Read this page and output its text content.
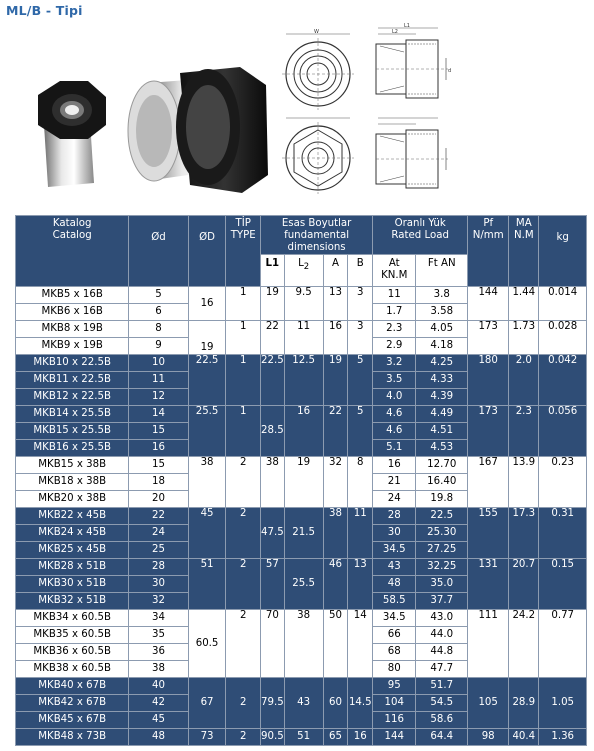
ML/B - Tipi
W
L1
L2
d
Katalog
Catalog	Ød	ØD	TİP
TYPE	Esas Boyutlar
fundamental
dimensions				Oranlı Yük
Rated Load		Pf
N/mm	MA
N.M	kg
				L1	$L_2$	A	B	At
KN.M	Ft AN			
MKB5 x 16B	5	16	1	19	9.5	13	3	11	3.8	144	1.44	0.014
MKB6 x 16B	6							1.7	3.58			
MKB8 x 19B	8	19	1	22	11	16	3	2.3	4.05	173	1.73	0.028
MKB9 x 19B	9							2.9	4.18			
MKB10 x 22.5B	10	22.5	1	22.5	12.5	19	5	3.2	4.25	180	2.0	0.042
MKB11 x 22.5B	11							3.5	4.33			
MKB12 x 22.5B	12							4.0	4.39			
MKB14 x 25.5B	14	25.5	1	28.5	16	22	5	4.6	4.49	173	2.3	0.056
MKB15 x 25.5B	15							4.6	4.51			
MKB16 x 25.5B	16							5.1	4.53			
MKB15 x 38B	15	38	2	38	19	32	8	16	12.70	167	13.9	0.23
MKB18 x 38B	18							21	16.40			
MKB20 x 38B	20							24	19.8			
MKB22 x 45B	22	45	2	47.5	21.5	38	11	28	22.5	155	17.3	0.31
MKB24 x 45B	24							30	25.30			
MKB25 x 45B	25							34.5	27.25			
MKB28 x 51B	28	51	2	57	25.5	46	13	43	32.25	131	20.7	0.15
MKB30 x 51B	30							48	35.0			
MKB32 x 51B	32							58.5	37.7			
MKB34 x 60.5B	34	60.5	2	70	38	50	14	34.5	43.0	111	24.2	0.77
MKB35 x 60.5B	35							66	44.0			
MKB36 x 60.5B	36							68	44.8			
MKB38 x 60.5B	38							80	47.7			
MKB40 x 67B	40	67	2	79.5	43	60	14.5	95	51.7	105	28.9	1.05
MKB42 x 67B	42							104	54.5			
MKB45 x 67B	45							116	58.6			
MKB48 x 73B	48	73	2	90.5	51	65	16	144	64.4	98	40.4	1.36
